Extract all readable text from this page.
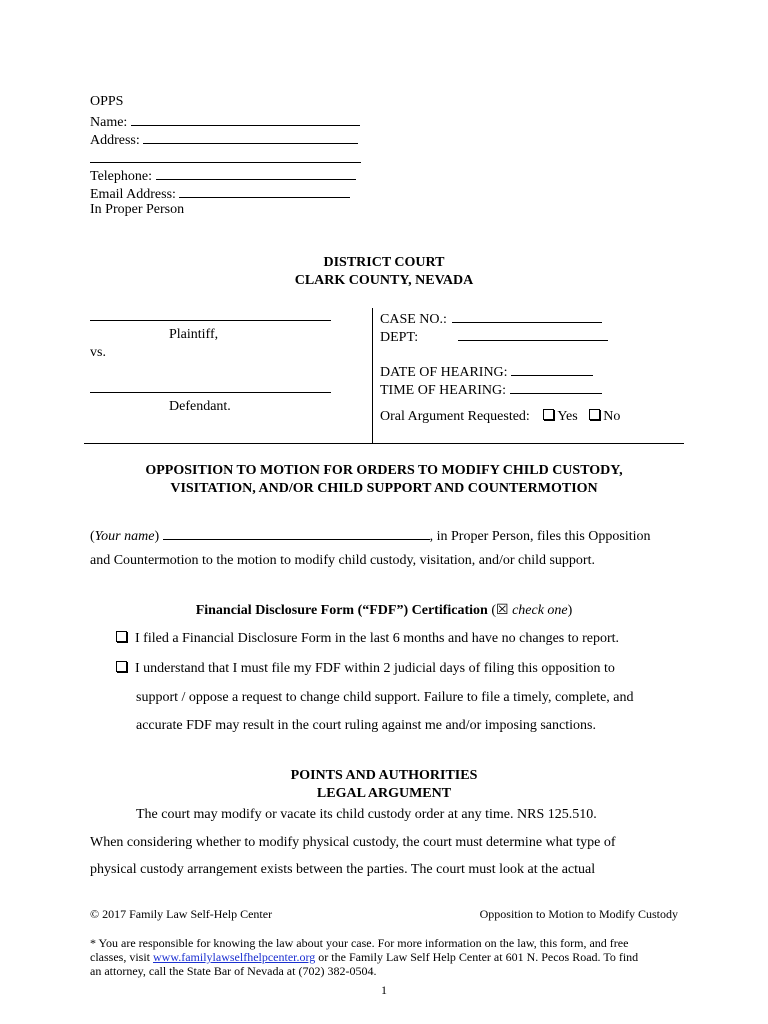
OPPS
Name:
Address:
Telephone:
Email Address:
In Proper Person
DISTRICT COURT
CLARK COUNTY, NEVADA
Plaintiff,
vs.
Defendant.
CASE NO.:
DEPT:
DATE OF HEARING:
TIME OF HEARING:
Oral Argument Requested: Yes No
OPPOSITION TO MOTION FOR ORDERS TO MODIFY CHILD CUSTODY,
VISITATION, AND/OR CHILD SUPPORT AND COUNTERMOTION
(Your name)	, in Proper Person, files this Opposition
and Countermotion to the motion to modify child custody, visitation, and/or child support.
Financial Disclosure Form (“FDF”) Certification (☒ check one)
I filed a Financial Disclosure Form in the last 6 months and have no changes to report.
I understand that I must file my FDF within 2 judicial days of filing this opposition to
support / oppose a request to change child support. Failure to file a timely, complete, and
accurate FDF may result in the court ruling against me and/or imposing sanctions.
POINTS AND AUTHORITIES
LEGAL ARGUMENT
The court may modify or vacate its child custody order at any time. NRS 125.510.
When considering whether to modify physical custody, the court must determine what type of
physical custody arrangement exists between the parties. The court must look at the actual
© 2017 Family Law Self-Help Center	Opposition to Motion to Modify Custody
* You are responsible for knowing the law about your case. For more information on the law, this form, and free
classes, visit www.familylawselfhelpcenter.org or the Family Law Self Help Center at 601 N. Pecos Road. To find
an attorney, call the State Bar of Nevada at (702) 382-0504.
1
